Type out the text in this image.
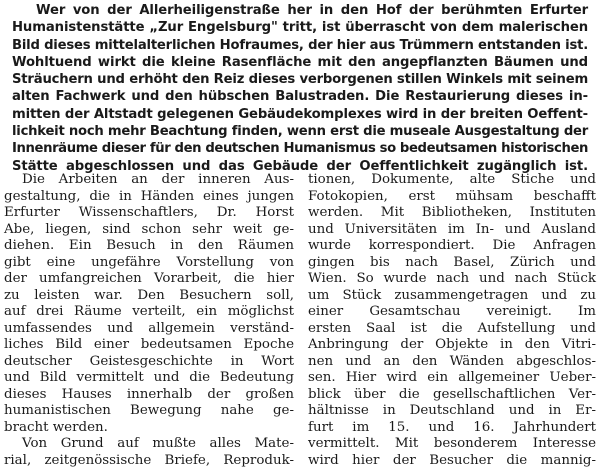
Wer von der Allerheiligenstraße her in den Hof der berühmten Erfurter
Humanistenstätte „Zur Engelsburg" tritt, ist überrascht von dem malerischen
Bild dieses mittelalterlichen Hofraumes, der hier aus Trümmern entstanden ist.
Wohltuend wirkt die kleine Rasenfläche mit den angepflanzten Bäumen und
Sträuchern und erhöht den Reiz dieses verborgenen stillen Winkels mit seinem
alten Fachwerk und den hübschen Balustraden. Die Restaurierung dieses in-
mitten der Altstadt gelegenen Gebäudekomplexes wird in der breiten Oeffent-
lichkeit noch mehr Beachtung finden, wenn erst die museale Ausgestaltung der
Innenräume dieser für den deutschen Humanismus so bedeutsamen historischen
Stätte abgeschlossen und das Gebäude der Oeffentlichkeit zugänglich ist.
Die Arbeiten an der inneren Aus-
gestaltung, die in Händen eines jungen
Erfurter Wissenschaftlers, Dr. Horst
Abe, liegen, sind schon sehr weit ge-
diehen. Ein Besuch in den Räumen
gibt eine ungefähre Vorstellung von
der umfangreichen Vorarbeit, die hier
zu leisten war. Den Besuchern soll,
auf drei Räume verteilt, ein möglichst
umfassendes und allgemein verständ-
liches Bild einer bedeutsamen Epoche
deutscher Geistesgeschichte in Wort
und Bild vermittelt und die Bedeutung
dieses Hauses innerhalb der großen
humanistischen Bewegung nahe ge-
bracht werden.
Von Grund auf mußte alles Mate-
rial, zeitgenössische Briefe, Reproduk-
tionen, Dokumente, alte Stiche und
Fotokopien, erst mühsam beschafft
werden. Mit Bibliotheken, Instituten
und Universitäten im In- und Ausland
wurde korrespondiert. Die Anfragen
gingen bis nach Basel, Zürich und
Wien. So wurde nach und nach Stück
um Stück zusammengetragen und zu
einer Gesamtschau vereinigt. Im
ersten Saal ist die Aufstellung und
Anbringung der Objekte in den Vitri-
nen und an den Wänden abgeschlos-
sen. Hier wird ein allgemeiner Ueber-
blick über die gesellschaftlichen Ver-
hältnisse in Deutschland und in Er-
furt im 15. und 16. Jahrhundert
vermittelt. Mit besonderem Interesse
wird hier der Besucher die mannig-
